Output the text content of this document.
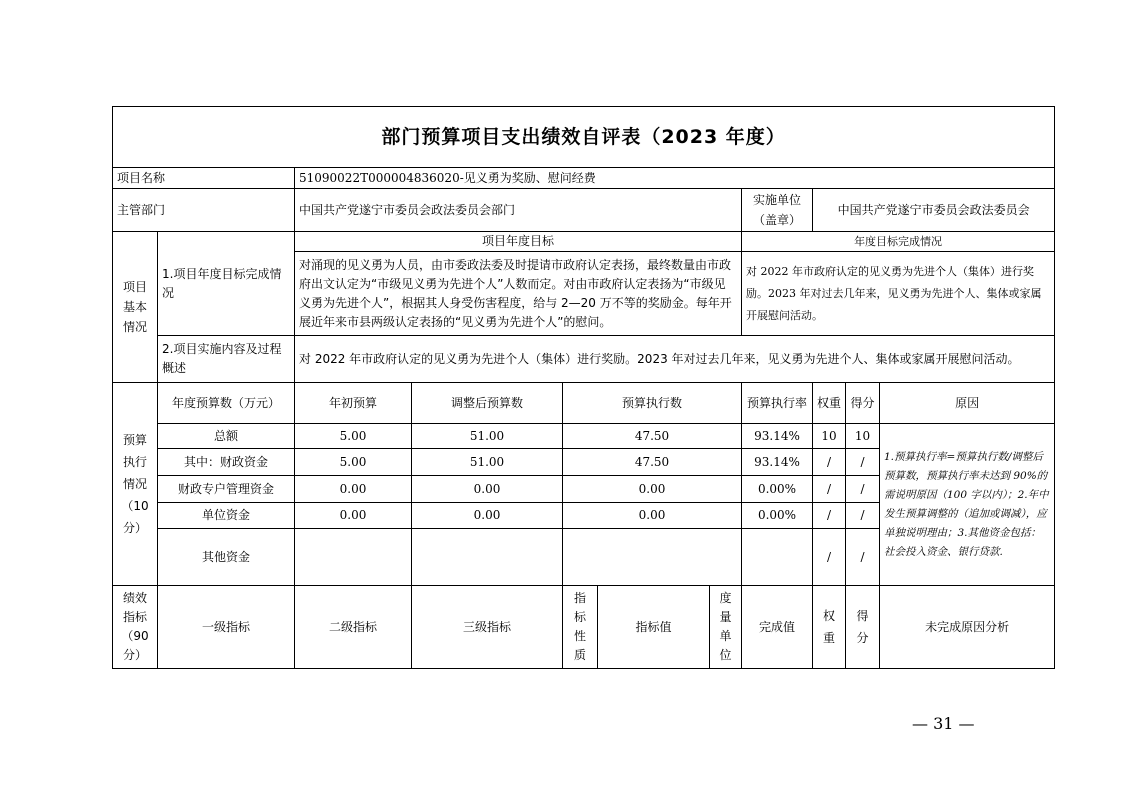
部门预算项目支出绩效自评表（2023 年度）										
项目名称		51090022T000004836020-见义勇为奖励、慰问经费								
主管部门		中国共产党遂宁市委员会政法委员会部门					实施单位
（盖章）	中国共产党遂宁市委员会政法委员会		
项目
基本
情况	1.项目年度目标完成情况	项目年度目标					年度目标完成情况			
		对涌现的见义勇为人员，由市委政法委及时提请市政府认定表扬，最终数量由市政府出文认定为“市级见义勇为先进个人”人数而定。对由市政府认定表扬为“市级见义勇为先进个人”，根据其人身受伤害程度，给与 2—20 万不等的奖励金。每年开展近年来市县两级认定表扬的“见义勇为先进个人”的慰问。					对 2022 年市政府认定的见义勇为先进个人（集体）进行奖励。2023 年对过去几年来，见义勇为先进个人、集体或家属开展慰问活动。			
	2.项目实施内容及过程概述	对 2022 年市政府认定的见义勇为先进个人（集体）进行奖励。2023 年对过去几年来，见义勇为先进个人、集体或家属开展慰问活动。								
预算
执行
情况
（10
分）	年度预算数（万元）	年初预算	调整后预算数	预算执行数			预算执行率	权重	得分	原因
	总额	5.00	51.00	47.50			93.14%	10	10	1.预算执行率=预算执行数/调整后预算数，预算执行率未达到 90%的需说明原因（100 字以内）；2.年中发生预算调整的（追加或调减），应单独说明理由；3.其他资金包括：社会投入资金、银行贷款.
	其中：财政资金	5.00	51.00	47.50			93.14%	/	/	
	财政专户管理资金	0.00	0.00	0.00			0.00%	/	/	
	单位资金	0.00	0.00	0.00			0.00%	/	/	
	其他资金							/	/	
绩效
指标
（90
分）	一级指标	二级指标	三级指标	指
标
性
质	指标值	度
量
单
位	完成值	权
重	得
分	未完成原因分析
— 31 —
